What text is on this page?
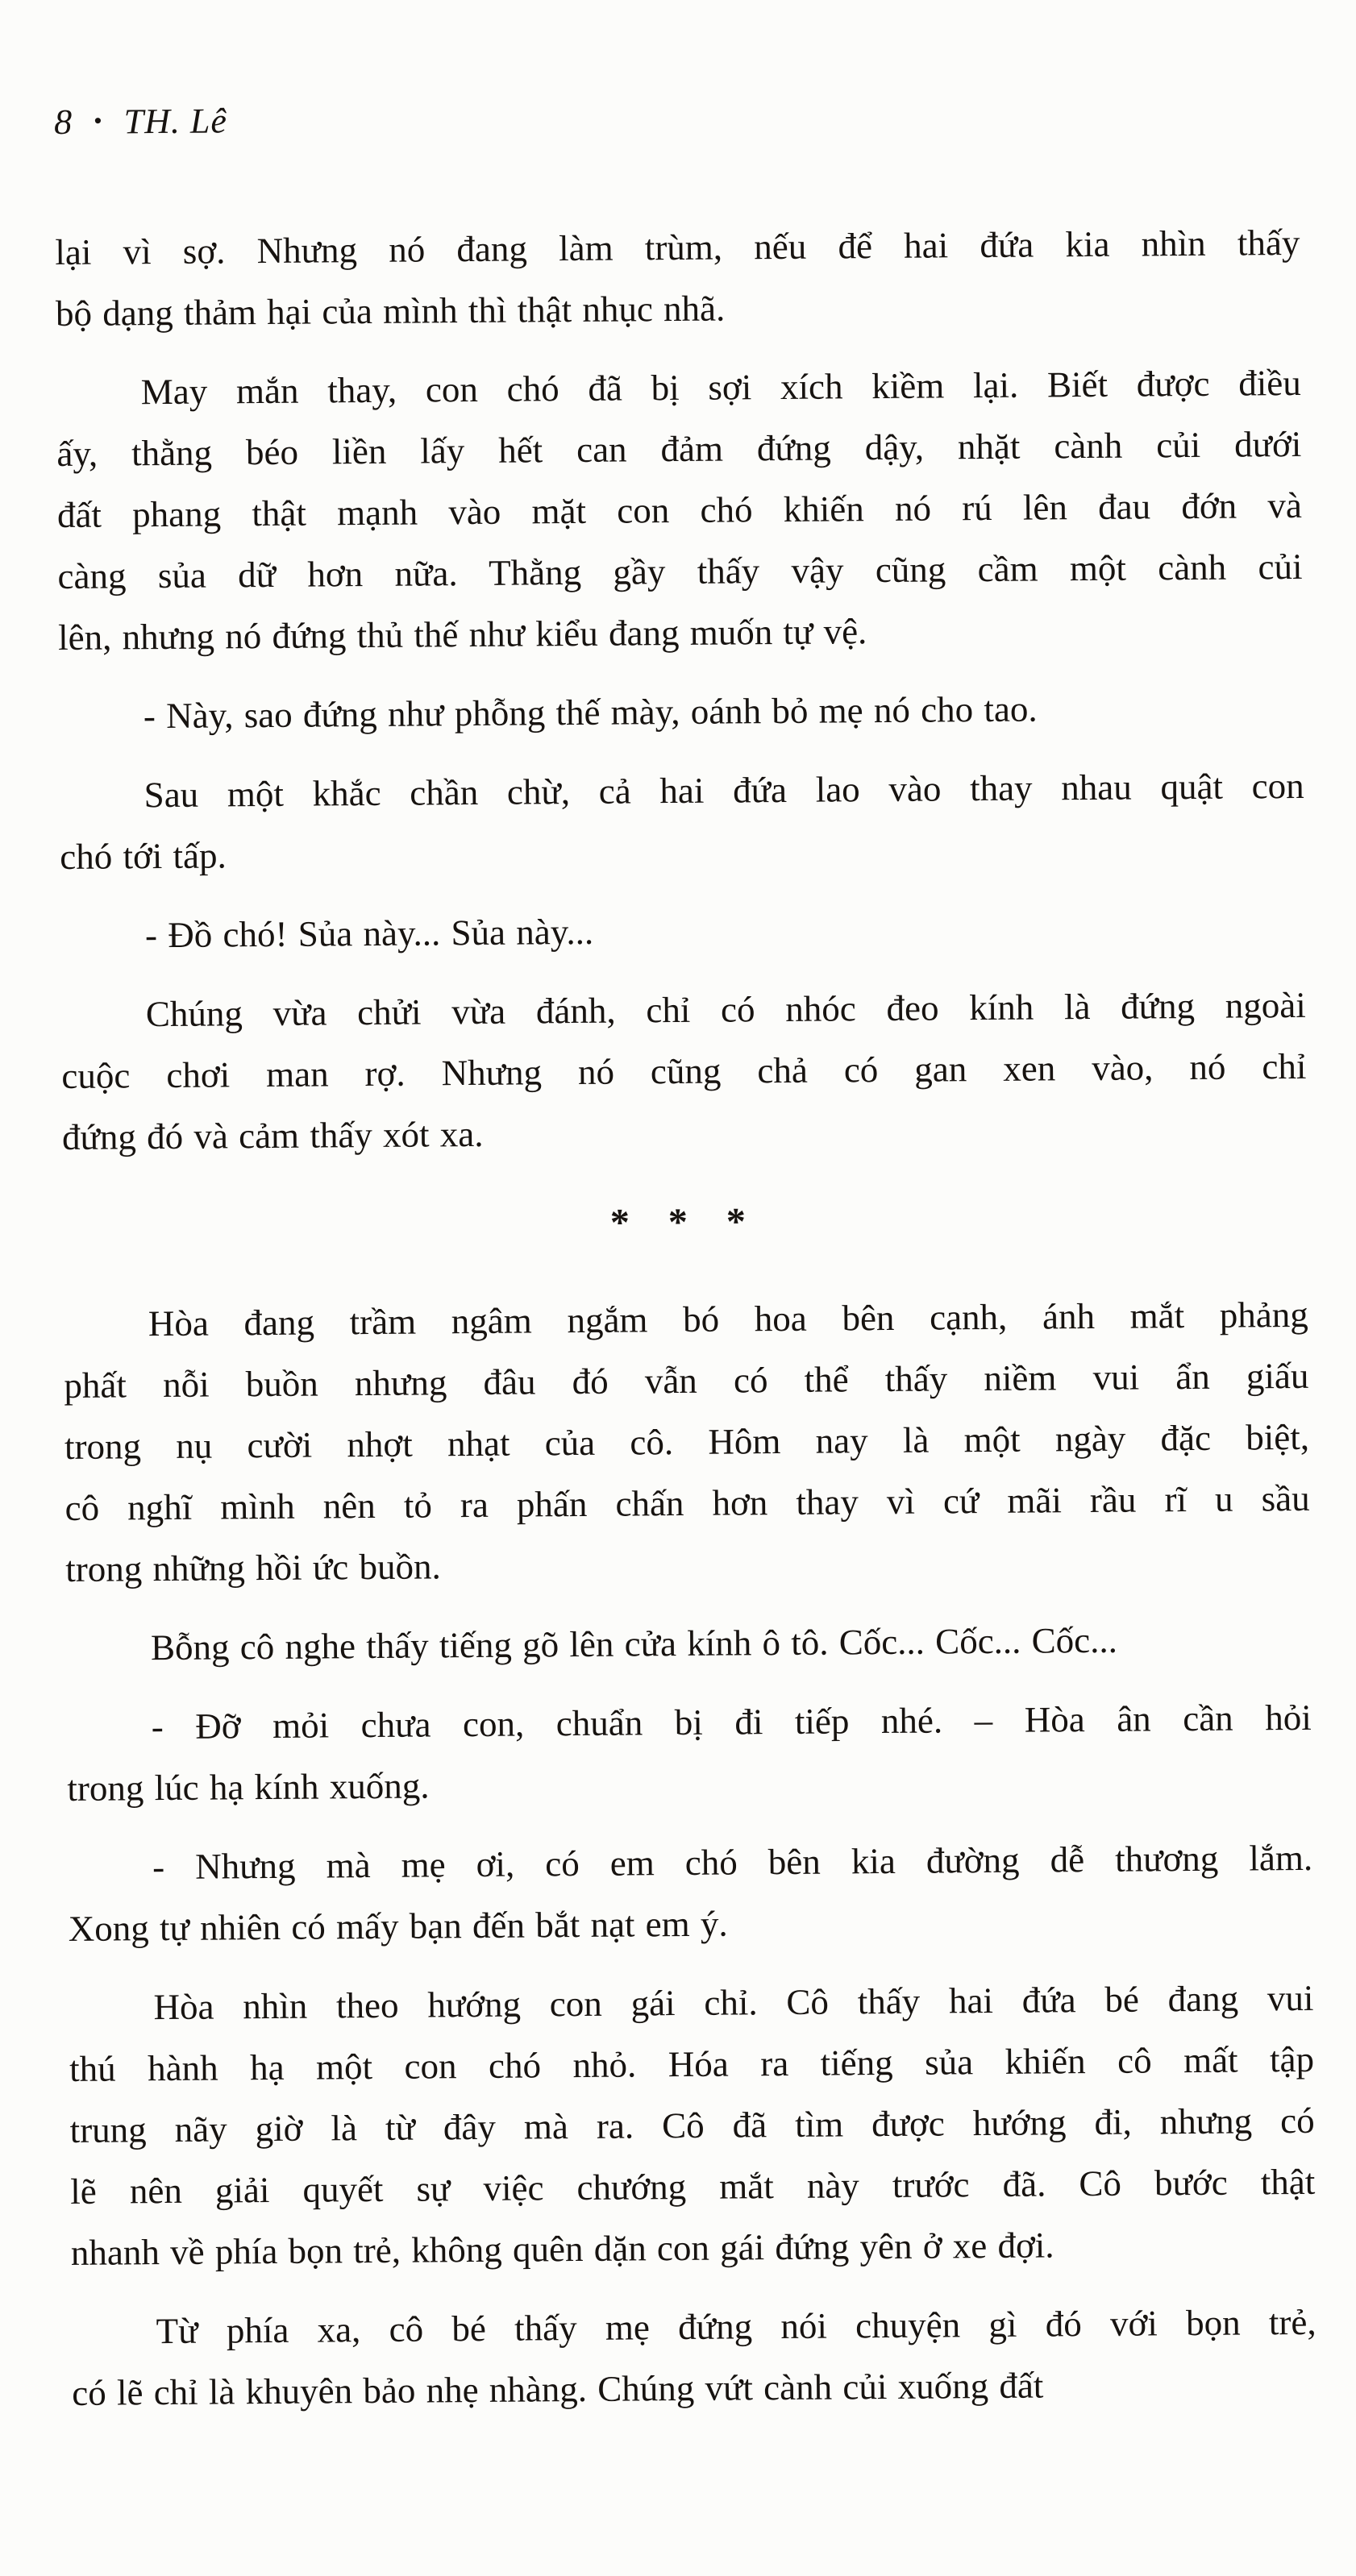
8 • TH. Lê

lại vì sợ. Nhưng nó đang làm trùm, nếu để hai đứa kia nhìn thấy
bộ dạng thảm hại của mình thì thật nhục nhã.

May mắn thay, con chó đã bị sợi xích kiềm lại. Biết được điều
ấy, thằng béo liền lấy hết can đảm đứng dậy, nhặt cành củi dưới
đất phang thật mạnh vào mặt con chó khiến nó rú lên đau đớn và
càng sủa dữ hơn nữa. Thằng gầy thấy vậy cũng cầm một cành củi
lên, nhưng nó đứng thủ thế như kiểu đang muốn tự vệ.

- Này, sao đứng như phỗng thế mày, oánh bỏ mẹ nó cho tao.

Sau một khắc chần chừ, cả hai đứa lao vào thay nhau quật con
chó tới tấp.

- Đồ chó! Sủa này... Sủa này...

Chúng vừa chửi vừa đánh, chỉ có nhóc đeo kính là đứng ngoài
cuộc chơi man rợ. Nhưng nó cũng chả có gan xen vào, nó chỉ
đứng đó và cảm thấy xót xa.

* * *

Hòa đang trầm ngâm ngắm bó hoa bên cạnh, ánh mắt phảng
phất nỗi buồn nhưng đâu đó vẫn có thể thấy niềm vui ẩn giấu
trong nụ cười nhợt nhạt của cô. Hôm nay là một ngày đặc biệt,
cô nghĩ mình nên tỏ ra phấn chấn hơn thay vì cứ mãi rầu rĩ u sầu
trong những hồi ức buồn.

Bỗng cô nghe thấy tiếng gõ lên cửa kính ô tô. Cốc... Cốc... Cốc...

- Đỡ mỏi chưa con, chuẩn bị đi tiếp nhé. – Hòa ân cần hỏi
trong lúc hạ kính xuống.

- Nhưng mà mẹ ơi, có em chó bên kia đường dễ thương lắm.
Xong tự nhiên có mấy bạn đến bắt nạt em ý.

Hòa nhìn theo hướng con gái chỉ. Cô thấy hai đứa bé đang vui
thú hành hạ một con chó nhỏ. Hóa ra tiếng sủa khiến cô mất tập
trung nãy giờ là từ đây mà ra. Cô đã tìm được hướng đi, nhưng có
lẽ nên giải quyết sự việc chướng mắt này trước đã. Cô bước thật
nhanh về phía bọn trẻ, không quên dặn con gái đứng yên ở xe đợi.

Từ phía xa, cô bé thấy mẹ đứng nói chuyện gì đó với bọn trẻ,
có lẽ chỉ là khuyên bảo nhẹ nhàng. Chúng vứt cành củi xuống đất
